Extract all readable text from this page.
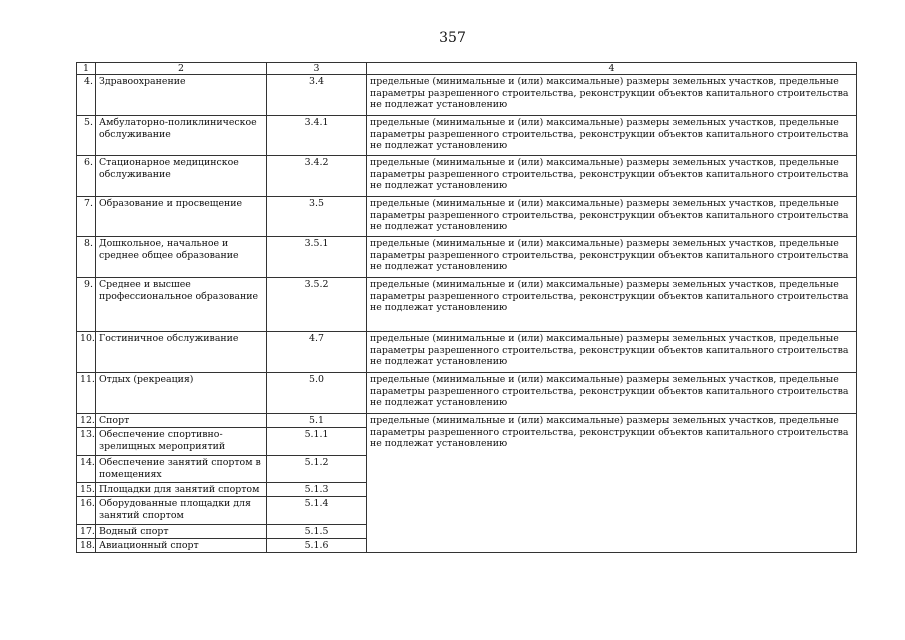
357
1	2	3	4
4.	Здравоохранение	3.4	предельные (минимальные и (или) максимальные) размеры земельных участков, предельные параметры разрешенного строительства, реконструкции объектов капитального строительства не подлежат установлению
5.	Амбулаторно-поликлиническое обслуживание	3.4.1	предельные (минимальные и (или) максимальные) размеры земельных участков, предельные параметры разрешенного строительства, реконструкции объектов капитального строительства не подлежат установлению
6.	Стационарное медицинское обслуживание	3.4.2	предельные (минимальные и (или) максимальные) размеры земельных участков, предельные параметры разрешенного строительства, реконструкции объектов капитального строительства не подлежат установлению
7.	Образование и просвещение	3.5	предельные (минимальные и (или) максимальные) размеры земельных участков, предельные параметры разрешенного строительства, реконструкции объектов капитального строительства не подлежат установлению
8.	Дошкольное, начальное и среднее общее образование	3.5.1	предельные (минимальные и (или) максимальные) размеры земельных участков, предельные параметры разрешенного строительства, реконструкции объектов капитального строительства не подлежат установлению
9.	Среднее и высшее профессиональное образование	3.5.2	предельные (минимальные и (или) максимальные) размеры земельных участков, предельные параметры разрешенного строительства, реконструкции объектов капитального строительства не подлежат установлению
10.	Гостиничное обслуживание	4.7	предельные (минимальные и (или) максимальные) размеры земельных участков, предельные параметры разрешенного строительства, реконструкции объектов капитального строительства не подлежат установлению
11.	Отдых (рекреация)	5.0	предельные (минимальные и (или) максимальные) размеры земельных участков, предельные параметры разрешенного строительства, реконструкции объектов капитального строительства не подлежат установлению
12.	Спорт	5.1	предельные (минимальные и (или) максимальные) размеры земельных участков, предельные параметры разрешенного строительства, реконструкции объектов капитального строительства не подлежат установлению
13.	Обеспечение спортивно-зрелищных мероприятий	5.1.1	
14.	Обеспечение занятий спортом в помещениях	5.1.2	
15.	Площадки для занятий спортом	5.1.3	
16.	Оборудованные площадки для занятий спортом	5.1.4	
17.	Водный спорт	5.1.5	
18.	Авиационный спорт	5.1.6	
